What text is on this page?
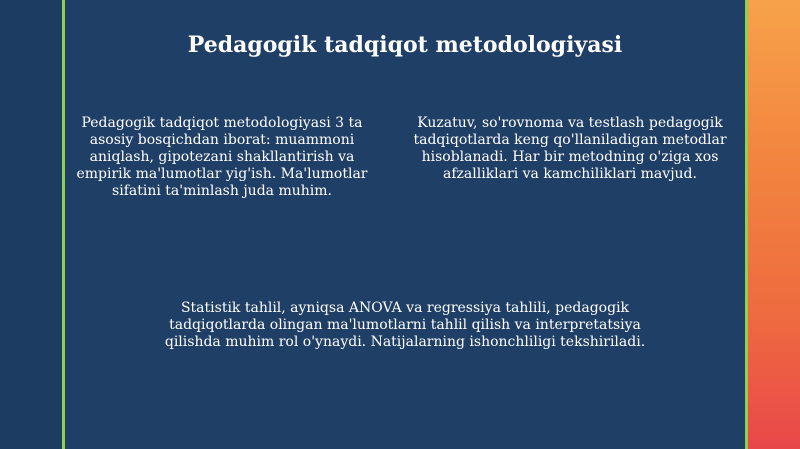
Pedagogik tadqiqot metodologiyasi
Pedagogik tadqiqot metodologiyasi 3 ta asosiy bosqichdan iborat: muammoni aniqlash, gipotezani shakllantirish va empirik ma'lumotlar yig'ish. Ma'lumotlar sifatini ta'minlash juda muhim.
Kuzatuv, so'rovnoma va testlash pedagogik tadqiqotlarda keng qo'llaniladigan metodlar hisoblanadi. Har bir metodning o'ziga xos afzalliklari va kamchiliklari mavjud.
Statistik tahlil, ayniqsa ANOVA va regressiya tahlili, pedagogik tadqiqotlarda olingan ma'lumotlarni tahlil qilish va interpretatsiya qilishda muhim rol o'ynaydi. Natijalarning ishonchliligi tekshiriladi.
